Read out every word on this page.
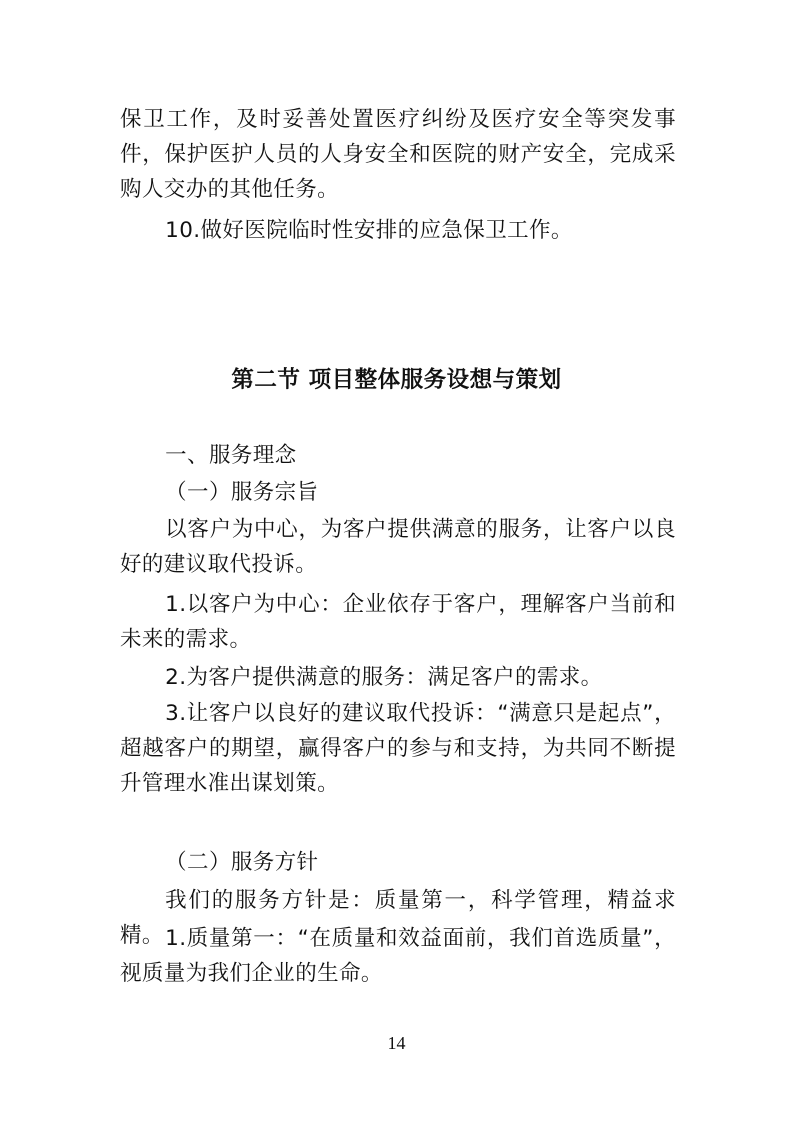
保卫工作，及时妥善处置医疗纠纷及医疗安全等突发事件，保护医护人员的人身安全和医院的财产安全，完成采购人交办的其他任务。

10.做好医院临时性安排的应急保卫工作。

第二节 项目整体服务设想与策划

一、服务理念

（一）服务宗旨

以客户为中心，为客户提供满意的服务，让客户以良好的建议取代投诉。

1.以客户为中心：企业依存于客户，理解客户当前和未来的需求。

2.为客户提供满意的服务：满足客户的需求。

3.让客户以良好的建议取代投诉：“满意只是起点”，超越客户的期望，赢得客户的参与和支持，为共同不断提升管理水准出谋划策。

（二）服务方针

我们的服务方针是：质量第一，科学管理，精益求精。 1.质量第一：“在质量和效益面前，我们首选质量”，视质量为我们企业的生命。

14
